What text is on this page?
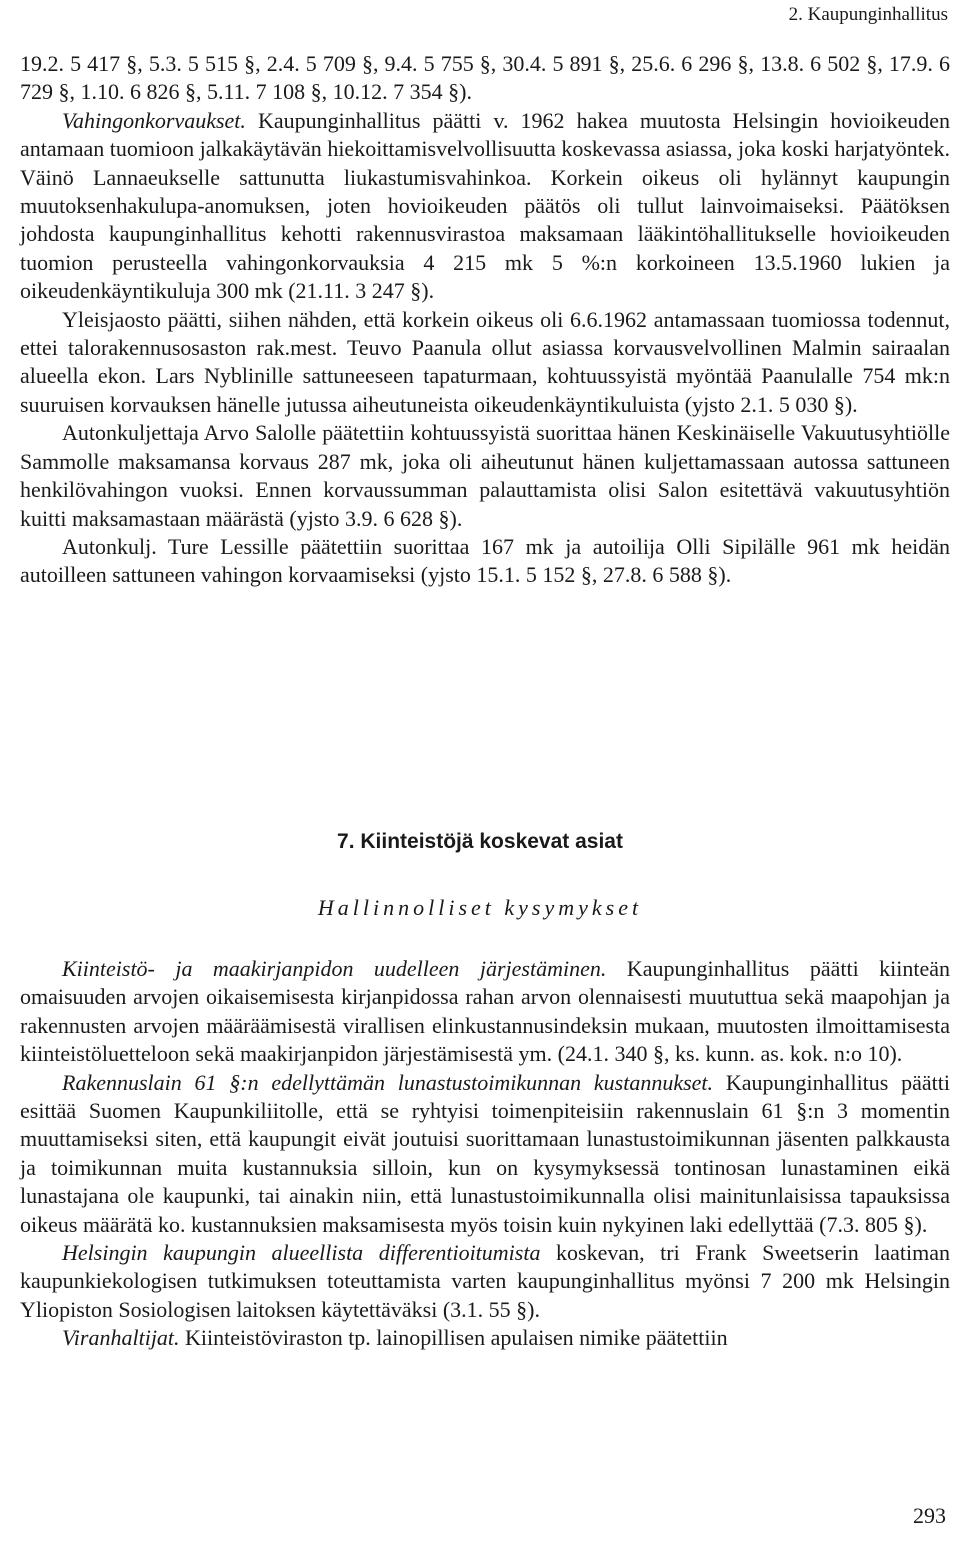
2. Kaupunginhallitus

19.2. 5 417 §, 5.3. 5 515 §, 2.4. 5 709 §, 9.4. 5 755 §, 30.4. 5 891 §, 25.6. 6 296 §, 13.8. 6 502 §, 17.9. 6 729 §, 1.10. 6 826 §, 5.11. 7 108 §, 10.12. 7 354 §).

Vahingonkorvaukset. Kaupunginhallitus päätti v. 1962 hakea muutosta Helsingin hovioikeuden antamaan tuomioon jalkakäytävän hiekoittamisvelvollisuutta koskevassa asiassa, joka koski harjatyöntek. Väinö Lannaeukselle sattunutta liukastumisvahinkoa. Korkein oikeus oli hylännyt kaupungin muutoksenhakulupa-anomuksen, joten hovioikeuden päätös oli tullut lainvoimaiseksi. Päätöksen johdosta kaupunginhallitus kehotti rakennusvirastoa maksamaan lääkintöhallitukselle hovioikeuden tuomion perusteella vahingonkorvauksia 4 215 mk 5 %:n korkoineen 13.5.1960 lukien ja oikeudenkäyntikuluja 300 mk (21.11. 3 247 §).

Yleisjaosto päätti, siihen nähden, että korkein oikeus oli 6.6.1962 antamassaan tuomiossa todennut, ettei talorakennusosaston rak.mest. Teuvo Paanula ollut asiassa korvausvelvollinen Malmin sairaalan alueella ekon. Lars Nyblinille sattuneeseen tapaturmaan, kohtuussyistä myöntää Paanulalle 754 mk:n suuruisen korvauksen hänelle jutussa aiheutuneista oikeudenkäyntikuluista (yjsto 2.1. 5 030 §).

Autonkuljettaja Arvo Salolle päätettiin kohtuussyistä suorittaa hänen Keskinäiselle Vakuutusyhtiölle Sammolle maksamansa korvaus 287 mk, joka oli aiheutunut hänen kuljettamassaan autossa sattuneen henkilövahingon vuoksi. Ennen korvaussumman palauttamista olisi Salon esitettävä vakuutusyhtiön kuitti maksamastaan määrästä (yjsto 3.9. 6 628 §).

Autonkulj. Ture Lessille päätettiin suorittaa 167 mk ja autoilija Olli Sipilälle 961 mk heidän autoilleen sattuneen vahingon korvaamiseksi (yjsto 15.1. 5 152 §, 27.8. 6 588 §).

7. Kiinteistöjä koskevat asiat
Hallinnolliset kysymykset

Kiinteistö- ja maakirjanpidon uudelleen järjestäminen. Kaupunginhallitus päätti kiinteän omaisuuden arvojen oikaisemisesta kirjanpidossa rahan arvon olennaisesti muututtua sekä maapohjan ja rakennusten arvojen määräämisestä virallisen elinkustannusindeksin mukaan, muutosten ilmoittamisesta kiinteistöluetteloon sekä maakirjanpidon järjestämisestä ym. (24.1. 340 §, ks. kunn. as. kok. n:o 10).

Rakennuslain 61 §:n edellyttämän lunastustoimikunnan kustannukset. Kaupunginhallitus päätti esittää Suomen Kaupunkiliitolle, että se ryhtyisi toimenpiteisiin rakennuslain 61 §:n 3 momentin muuttamiseksi siten, että kaupungit eivät joutuisi suorittamaan lunastustoimikunnan jäsenten palkkausta ja toimikunnan muita kustannuksia silloin, kun on kysymyksessä tontinosan lunastaminen eikä lunastajana ole kaupunki, tai ainakin niin, että lunastustoimikunnalla olisi mainitunlaisissa tapauksissa oikeus määrätä ko. kustannuksien maksamisesta myös toisin kuin nykyinen laki edellyttää (7.3. 805 §).

Helsingin kaupungin alueellista differentioitumista koskevan, tri Frank Sweetserin laatiman kaupunkiekologisen tutkimuksen toteuttamista varten kaupunginhallitus myönsi 7 200 mk Helsingin Yliopiston Sosiologisen laitoksen käytettäväksi (3.1. 55 §).

Viranhaltijat. Kiinteistöviraston tp. lainopillisen apulaisen nimike päätettiin

293
